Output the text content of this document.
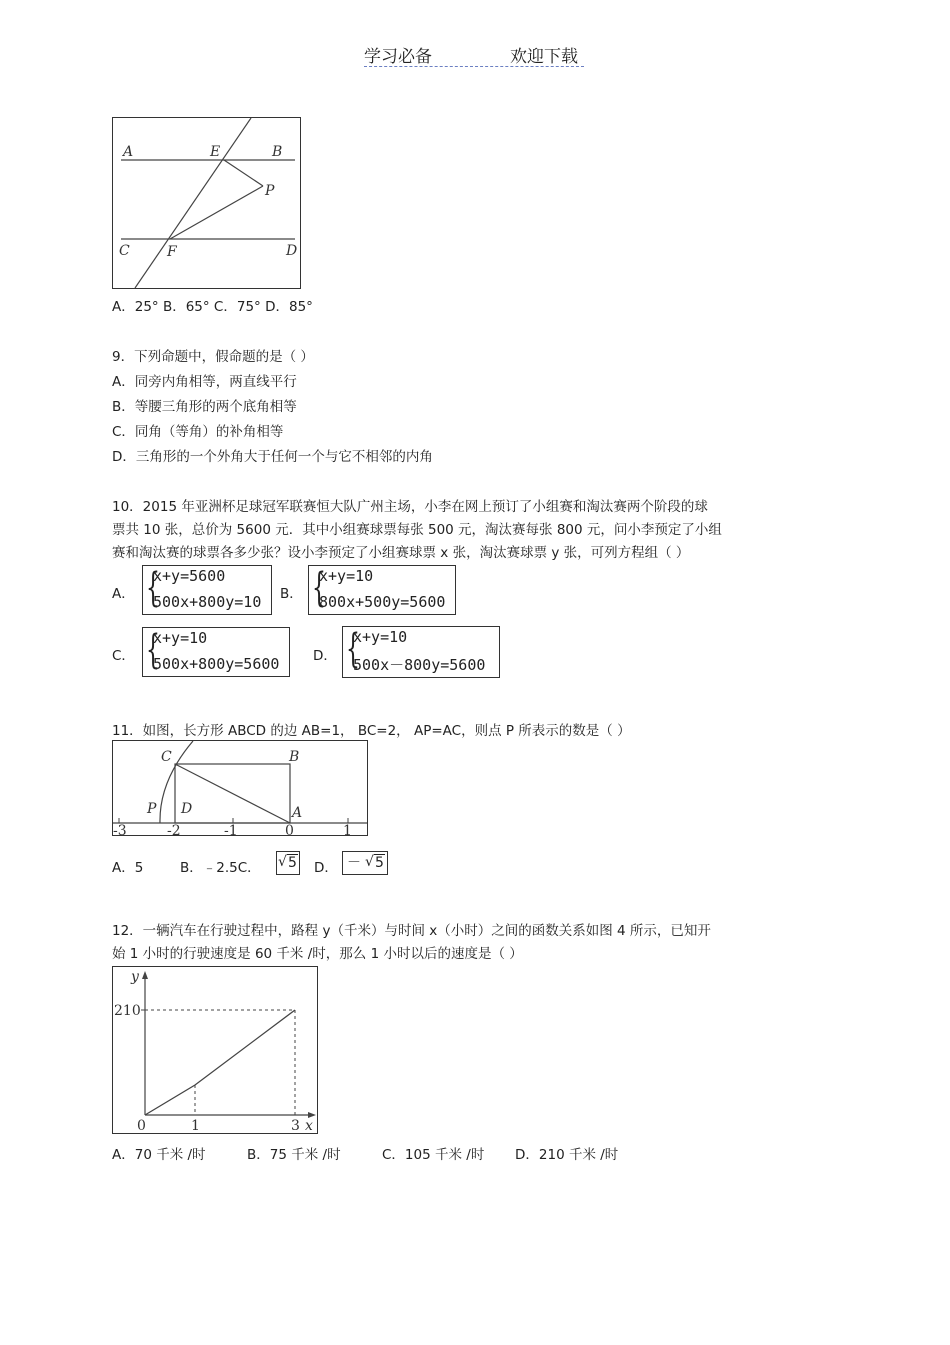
学习必备	欢迎下载
A	E	B
P
C	F	D
A．25° B．65° C．75° D．85°
9．下列命题中，假命题的是（ ）
A．同旁内角相等，两直线平行
B．等腰三角形的两个底角相等
C．同角（等角）的补角相等
D．三角形的一个外角大于任何一个与它不相邻的内角
10．2015 年亚洲杯足球冠军联赛恒大队广州主场，小李在网上预订了小组赛和淘汰赛两个阶段的球
票共 10 张，总价为 5600 元．其中小组赛球票每张 500 元，淘汰赛每张 800 元，问小李预定了小组
赛和淘汰赛的球票各多少张？设小李预定了小组赛球票 x 张，淘汰赛球票 y 张，可列方程组（ ）
A． {
x+y=5600
500x+800y=10 B． {
x+y=10
800x+500y=5600
C． {
x+y=10
500x+800y=5600 D． {
x+y=10
500x－800y=5600
11．如图，长方形 ABCD 的边 AB=1， BC=2， AP=AC，则点 P 所表示的数是（ ）
C	B
P D	A
-3	-2	-1	0	1
A．5	B．﹣2.5C． √ 5 D． － √ 5
12．一辆汽车在行驶过程中，路程 y（千米）与时间 x（小时）之间的函数关系如图 4 所示，已知开
始 1 小时的行驶速度是 60 千米 /时，那么 1 小时以后的速度是（ ）
y
x
210
0	1	3
A．70 千米 /时	B．75 千米 /时	C．105 千米 /时 D．210 千米 /时
